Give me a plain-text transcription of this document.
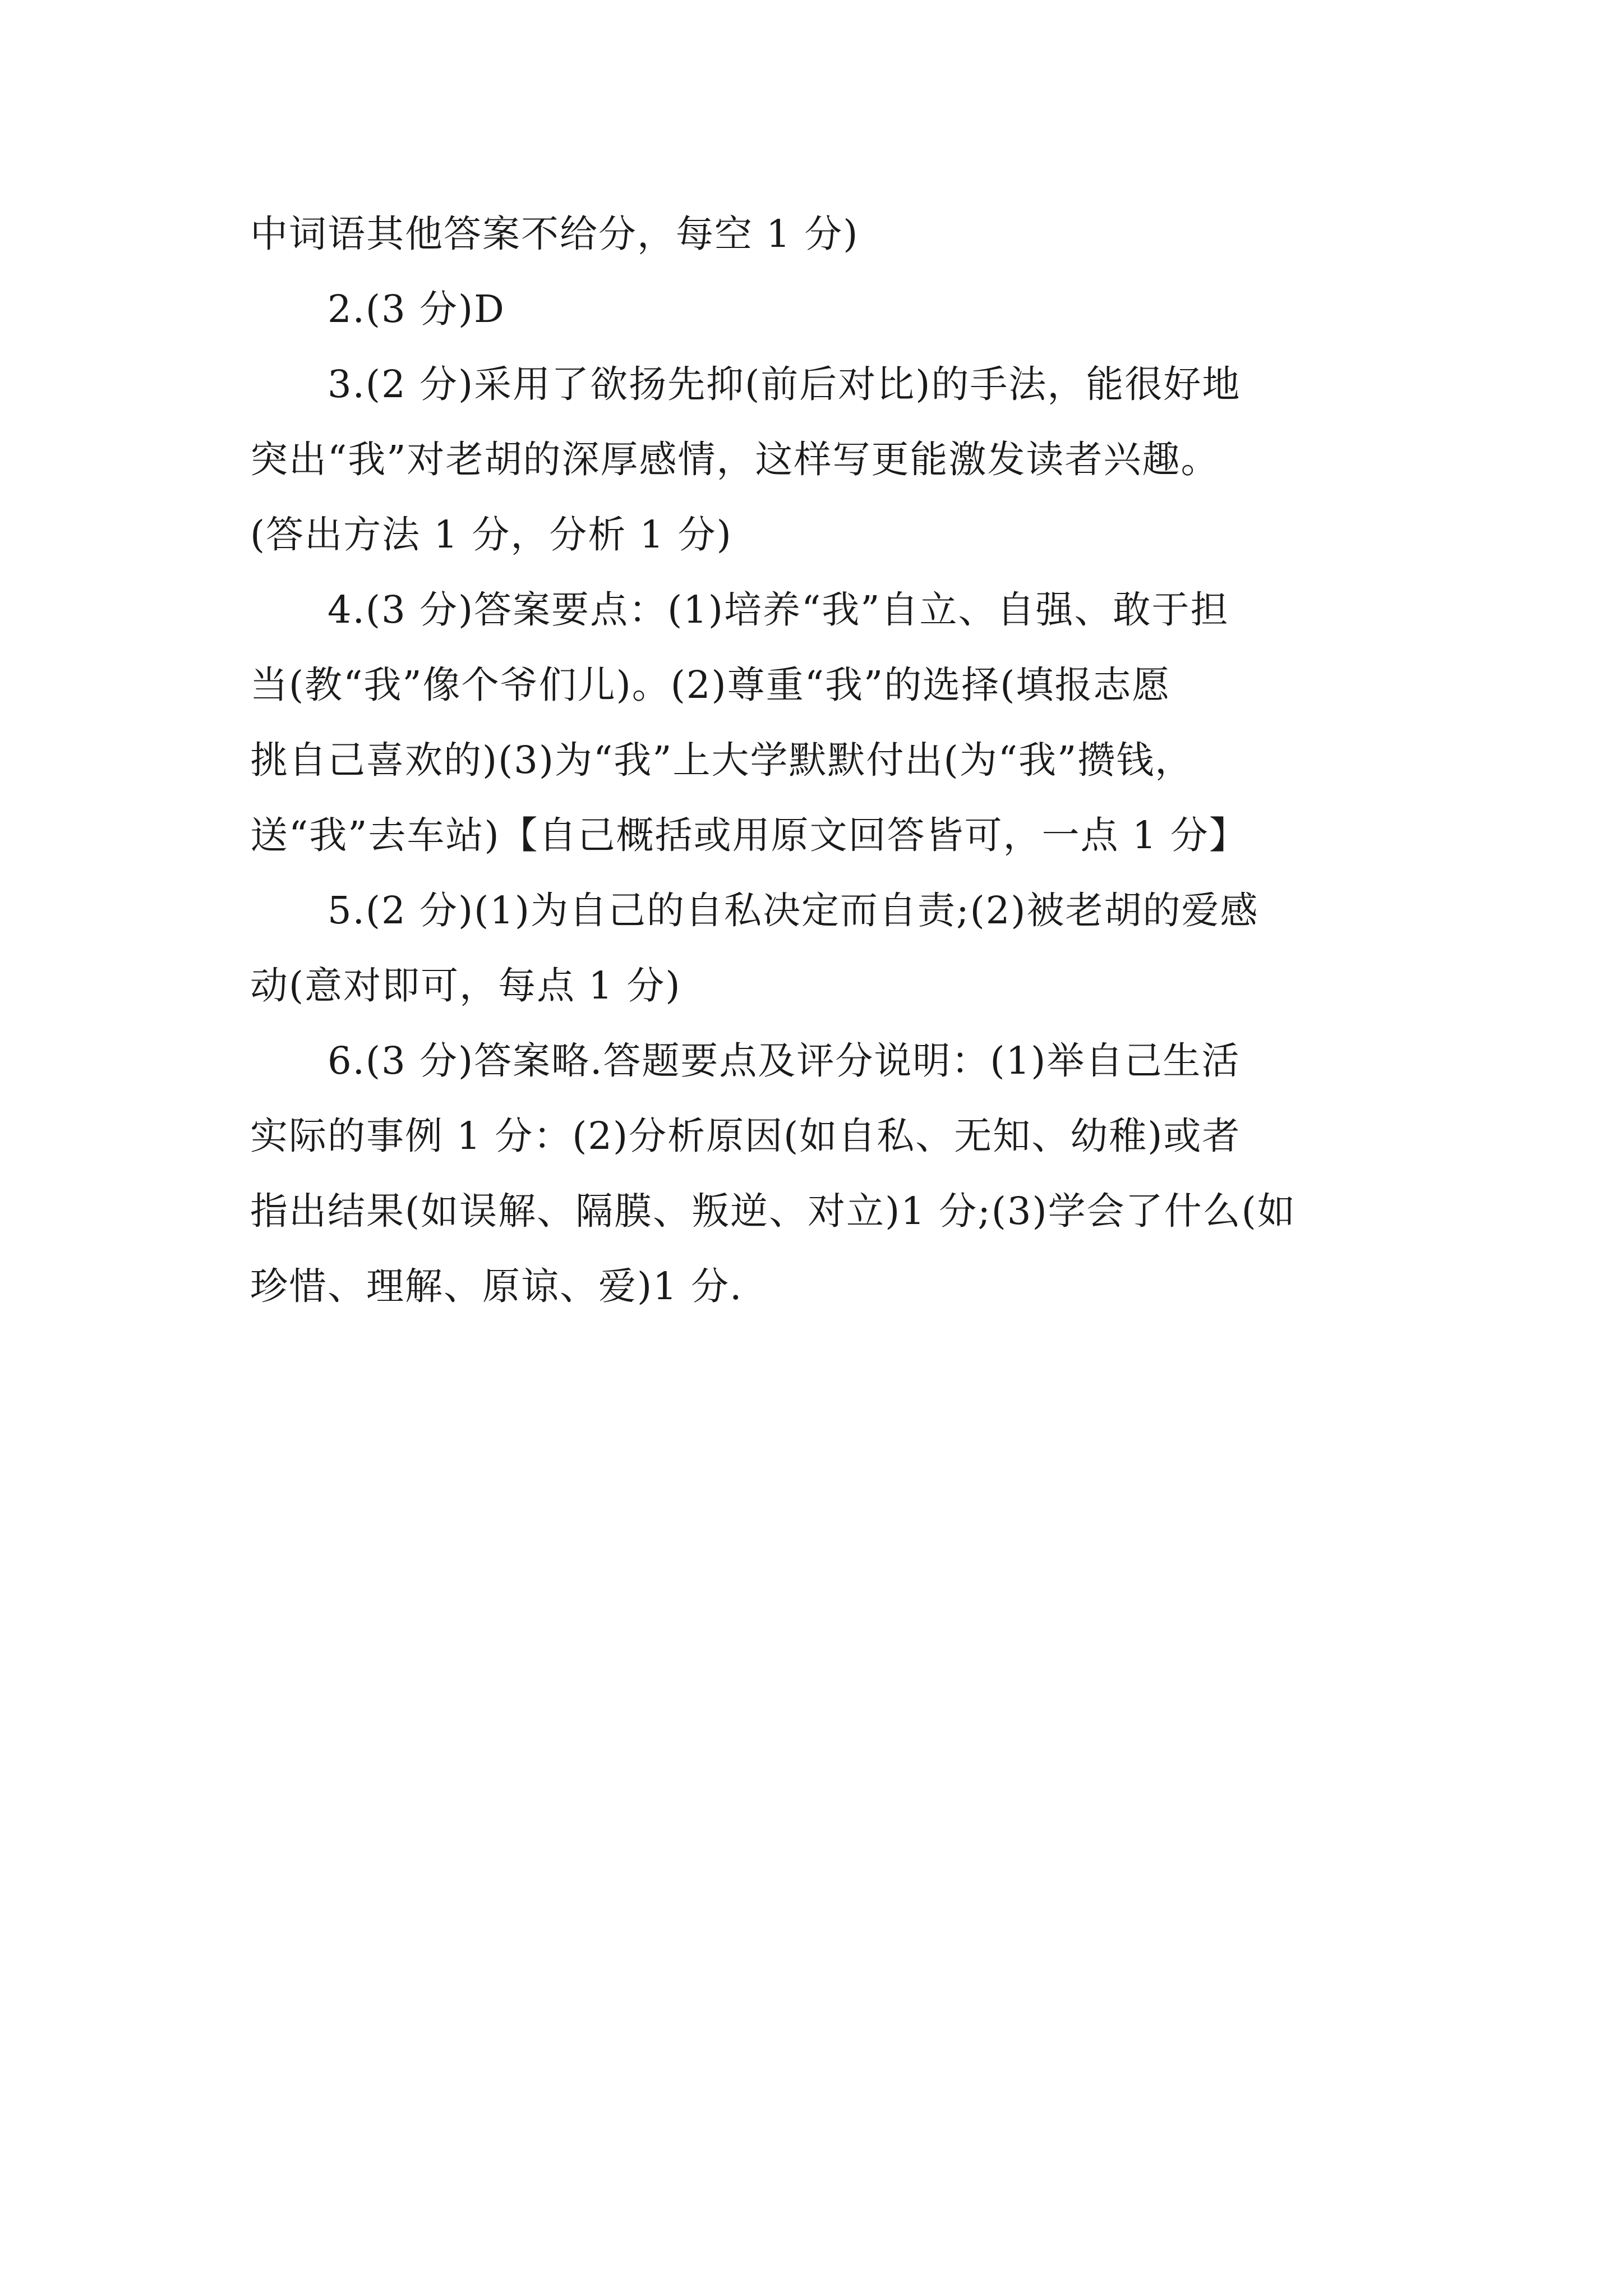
中词语其他答案不给分，每空 1 分)
2.(3 分)D
3.(2 分)采用了欲扬先抑(前后对比)的手法，能很好地
突出“我”对老胡的深厚感情，这样写更能激发读者兴趣。
(答出方法 1 分，分析 1 分)
4.(3 分)答案要点：(1)培养“我”自立、自强、敢于担
当(教“我”像个爷们儿)。(2)尊重“我”的选择(填报志愿
挑自己喜欢的)(3)为“我”上大学默默付出(为“我”攒钱，
送“我”去车站)【自己概括或用原文回答皆可，一点 1 分】
5.(2 分)(1)为自己的自私决定而自责;(2)被老胡的爱感
动(意对即可，每点 1 分)
6.(3 分)答案略.答题要点及评分说明：(1)举自己生活
实际的事例 1 分：(2)分析原因(如自私、无知、幼稚)或者
指出结果(如误解、隔膜、叛逆、对立)1 分;(3)学会了什么(如
珍惜、理解、原谅、爱)1 分.
